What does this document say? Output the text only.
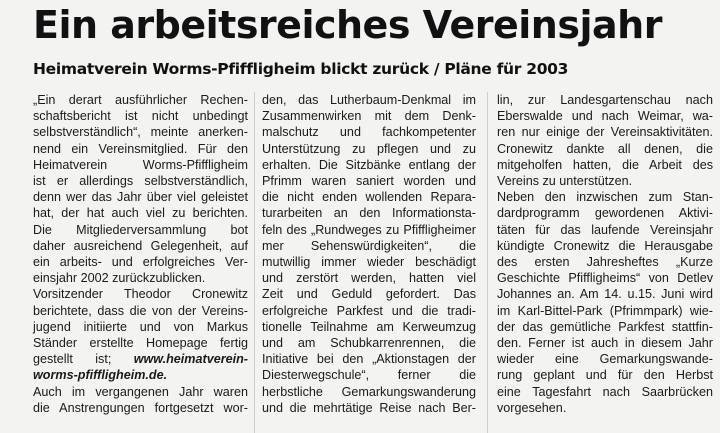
Ein arbeitsreiches Vereinsjahr
Heimatverein Worms-Pfiffligheim blickt zurück / Pläne für 2003
„Ein derart ausführlicher Rechen-
schaftsbericht ist nicht unbedingt
selbstverständlich“, meinte anerken-
nend ein Vereinsmitglied. Für den
Heimatverein Worms-Pfiffligheim
ist er allerdings selbstverständlich,
denn wer das Jahr über viel geleistet
hat, der hat auch viel zu berichten.
Die Mitgliederversammlung bot
daher ausreichend Gelegenheit, auf
ein arbeits- und erfolgreiches Ver-
einsjahr 2002 zurückzublicken.
Vorsitzender Theodor Cronewitz
berichtete, dass die von der Vereins-
jugend initiierte und von Markus
Ständer erstellte Homepage fertig
gestellt ist; www.heimatverein-
worms-pfiffligheim.de.
Auch im vergangenen Jahr waren
die Anstrengungen fortgesetzt wor-
den, das Lutherbaum-Denkmal im
Zusammenwirken mit dem Denk-
malschutz und fachkompetenter
Unterstützung zu pflegen und zu
erhalten. Die Sitzbänke entlang der
Pfrimm waren saniert worden und
die nicht enden wollenden Repara-
turarbeiten an den Informationsta-
feln des „Rundweges zu Pfiffligheimer
mer Sehenswürdigkeiten“, die
mutwillig immer wieder beschädigt
und zerstört werden, hatten viel
Zeit und Geduld gefordert. Das
erfolgreiche Parkfest und die tradi-
tionelle Teilnahme am Kerweumzug
und am Schubkarrenrennen, die
Initiative bei den „Aktionstagen der
Diesterwegschule“, ferner die
herbstliche Gemarkungswanderung
und die mehrtätige Reise nach Ber-
lin, zur Landesgartenschau nach
Eberswalde und nach Weimar, wa-
ren nur einige der Vereinsaktivitäten.
Cronewitz dankte all denen, die
mitgeholfen hatten, die Arbeit des
Vereins zu unterstützen.
Neben den inzwischen zum Stan-
dardprogramm gewordenen Aktivi-
täten für das laufende Vereinsjahr
kündigte Cronewitz die Herausgabe
des ersten Jahresheftes „Kurze
Geschichte Pfiffligheims“ von Detlev
Johannes an. Am 14. u.15. Juni wird
im Karl-Bittel-Park (Pfrimmpark) wie-
der das gemütliche Parkfest stattfin-
den. Ferner ist auch in diesem Jahr
wieder eine Gemarkungswande-
rung geplant und für den Herbst
eine Tagesfahrt nach Saarbrücken
vorgesehen.
